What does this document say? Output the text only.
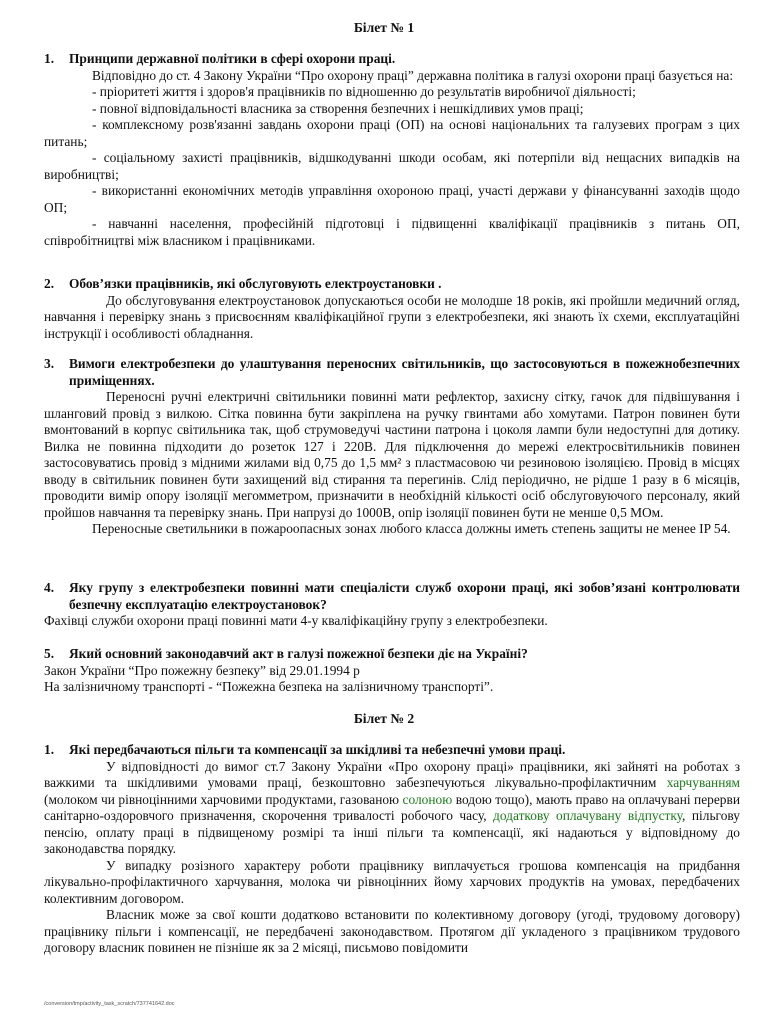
Білет № 1
1.	Принципи державної політики в сфері охорони праці.

Відповідно до ст. 4 Закону України “Про охорону праці” державна політика в галузі охорони праці базується на:

- пріоритеті життя і здоров'я працівників по відношенню до результатів виробничої діяльності;

- повної відповідальності власника за створення безпечних і нешкідливих умов праці;

- комплексному розв'язанні завдань охорони праці (ОП) на основі національних та галузевих програм з цих питань;

- соціальному захисті працівників, відшкодуванні шкоди особам, які потерпіли від нещасних випадків на виробництві;

- використанні економічних методів управління охороною праці, участі держави у фінансуванні заходів щодо ОП;

- навчанні населення, професійній підготовці і підвищенні кваліфікації працівників з питань ОП, співробітництві між власником і працівниками.

2.	Обов’язки працівників, які обслуговують електроустановки .

До обслуговування електроустановок допускаються особи не молодше 18 років, які пройшли медичний огляд, навчання і перевірку знань з присвоєнням кваліфікаційної групи з електробезпеки, які знають їх схеми, експлуатаційні інструкції і особливості обладнання.

3.	Вимоги електробезпеки до улаштування переносних світильників, що застосовуються в пожежнобезпечних приміщеннях.

Переносні ручні електричні світильники повинні мати рефлектор, захисну сітку, гачок для підвішування і шланговий провід з вилкою. Сітка повинна бути закріплена на ручку гвинтами або хомутами. Патрон повинен бути вмонтований в корпус світильника так, щоб струмоведучі частини патрона і цоколя лампи були недоступні для дотику. Вилка не повинна підходити до розеток 127 і 220В. Для підключення до мережі електросвітильників повинен застосовуватись провід з мідними жилами від 0,75 до 1,5 мм² з пластмасовою чи резиновою ізоляцією. Провід в місцях вводу в світильник повинен бути захищений від стирання та перегинів. Слід періодично, не рідше 1 разу в 6 місяців, проводити вимір опору ізоляції мегомметром, призначити в необхідній кількості осіб обслуговуючого персоналу, який пройшов навчання та перевірку знань. При напрузі до 1000В, опір ізоляції повинен бути не менше 0,5 МОм.

Переносные светильники в пожароопасных зонах любого класса должны иметь степень защиты не менее IP 54.

4.	Яку групу з електробезпеки повинні мати спеціалісти служб охорони праці, які зобов’язані контролювати безпечну експлуатацію електроустановок?

Фахівці служби охорони праці повинні мати 4-у кваліфікаційну групу з електробезпеки.

5.	Який основний законодавчий акт в галузі пожежної безпеки діє на Україні?

Закон України “Про пожежну безпеку” від 29.01.1994 р

На залізничному транспорті - “Пожежна безпека на залізничному транспорті”.

Білет № 2
1.	Які передбачаються пільги та компенсації за шкідливі та небезпечні умови праці.

У відповідності до вимог ст.7 Закону України «Про охорону праці» працівники, які зайняті на роботах з важкими та шкідливими умовами праці, безкоштовно забезпечуються лікувально-профілактичним харчуванням (молоком чи рівноцінними харчовими продуктами, газованою солоною водою тощо), мають право на оплачувані перерви санітарно-оздоровчого призначення, скорочення тривалості робочого часу, додаткову оплачувану відпустку, пільгову пенсію, оплату праці в підвищеному розмірі та інші пільги та компенсації, які надаються у відповідному до законодавства порядку.

У випадку розізного характеру роботи працівнику виплачується грошова компенсація на придбання лікувально-профілактичного харчування, молока чи рівноцінних йому харчових продуктів на умовах, передбачених колективним договором.

Власник може за свої кошти додатково встановити по колективному договору (угоді, трудовому договору) працівнику пільги і компенсації, не передбачені законодавством. Протягом дії укладеного з працівником трудового договору власник повинен не пізніше як за 2 місяці, письмово повідомити

/conversion/tmp/activity_task_scratch/737741642.doc
